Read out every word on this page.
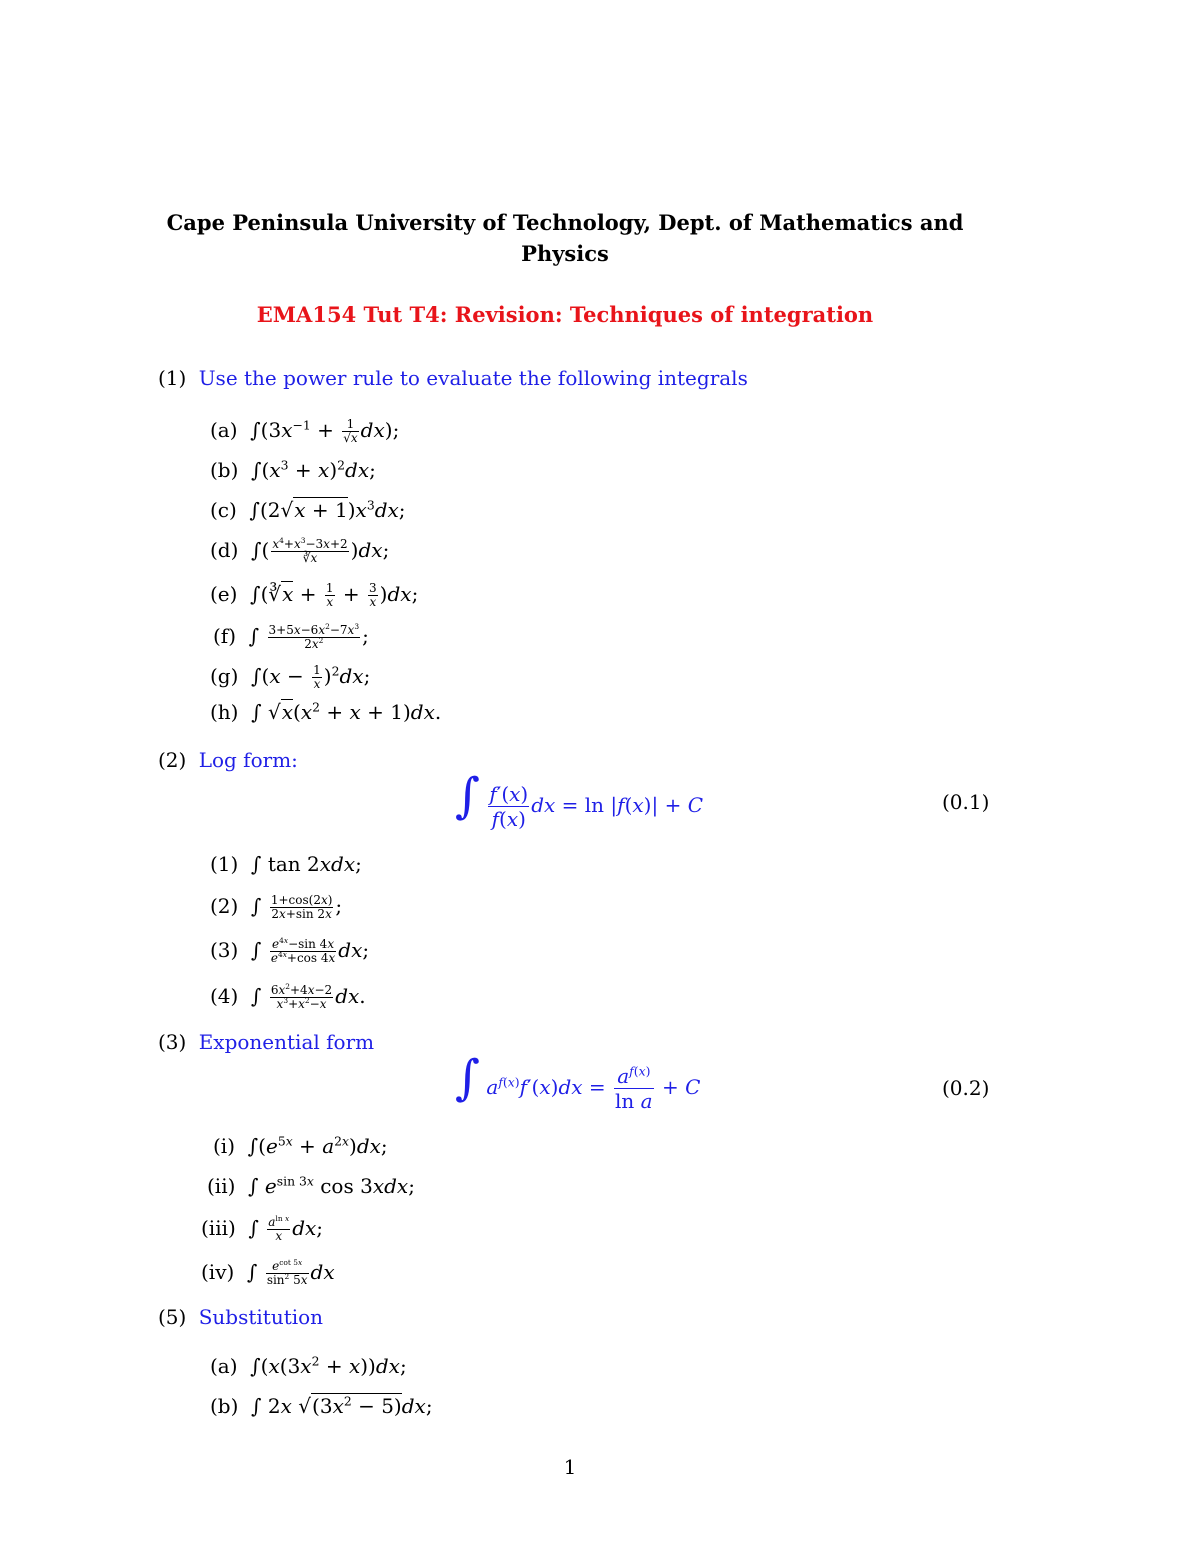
Cape Peninsula University of Technology, Dept. of Mathematics and
Physics
EMA154 Tut T4: Revision: Techniques of integration
(1) Use the power rule to evaluate the following integrals
(a)  $\int(3x^{-1} + \frac{1}{√x} dx)$;
(b)  $\int(x^3 + x)^2dx$;
(c)  $\int(2√x + 1)x^3dx$;
(d)  ∫( $\frac{x^4+x^3-3x+2}{∛x} )dx$;
(e)  ∫(∛x + $\frac{1}{x} + \frac{3}{x} )dx$;
(f)  ∫ $\frac{3+5x-6x^2-7x^3}{2x^2}$ ;
(g)  $\int(x - \frac{1}{x} )^2dx$;
(h)  ∫ $√x(x^2 + x + 1)dx$.
(2) Log form:
∫ $\frac{f'(x)}{f(x)}$ dx = ln |f(x)| + C	(0.1)
(1)  ∫ tan 2xdx;
(2)  ∫ $\frac{1+\cos(2x)}{2x+\sin 2x}$ ;
(3)  ∫ $\frac{e^{4x}-\sin 4x}{e^{4x}+\cos 4x}$ dx;
(4)  ∫ $\frac{6x^2+4x-2}{x^3+x^2-x}$ dx.
(3) Exponential form
∫ $a^{f(x)}f'(x)dx = \frac{a^{f(x)}}{\text{ln a}} + C$	(0.2)
(i)  $\int(e^{5x} + a^{2x})dx$;
(ii)  ∫ $e^{sin 3x}$ cos 3xdx;
(iii)  ∫ $\frac{a^{ln x}}{x}$ dx;
(iv)  ∫ $\frac{e^{cot 5x}}{\sin^2 5x}$ dx
(5) Substitution
(a)  $\int(x(3x^2 + x))dx$;
(b)  ∫ 2x $√(3x^2 - 5)dx$;
1
